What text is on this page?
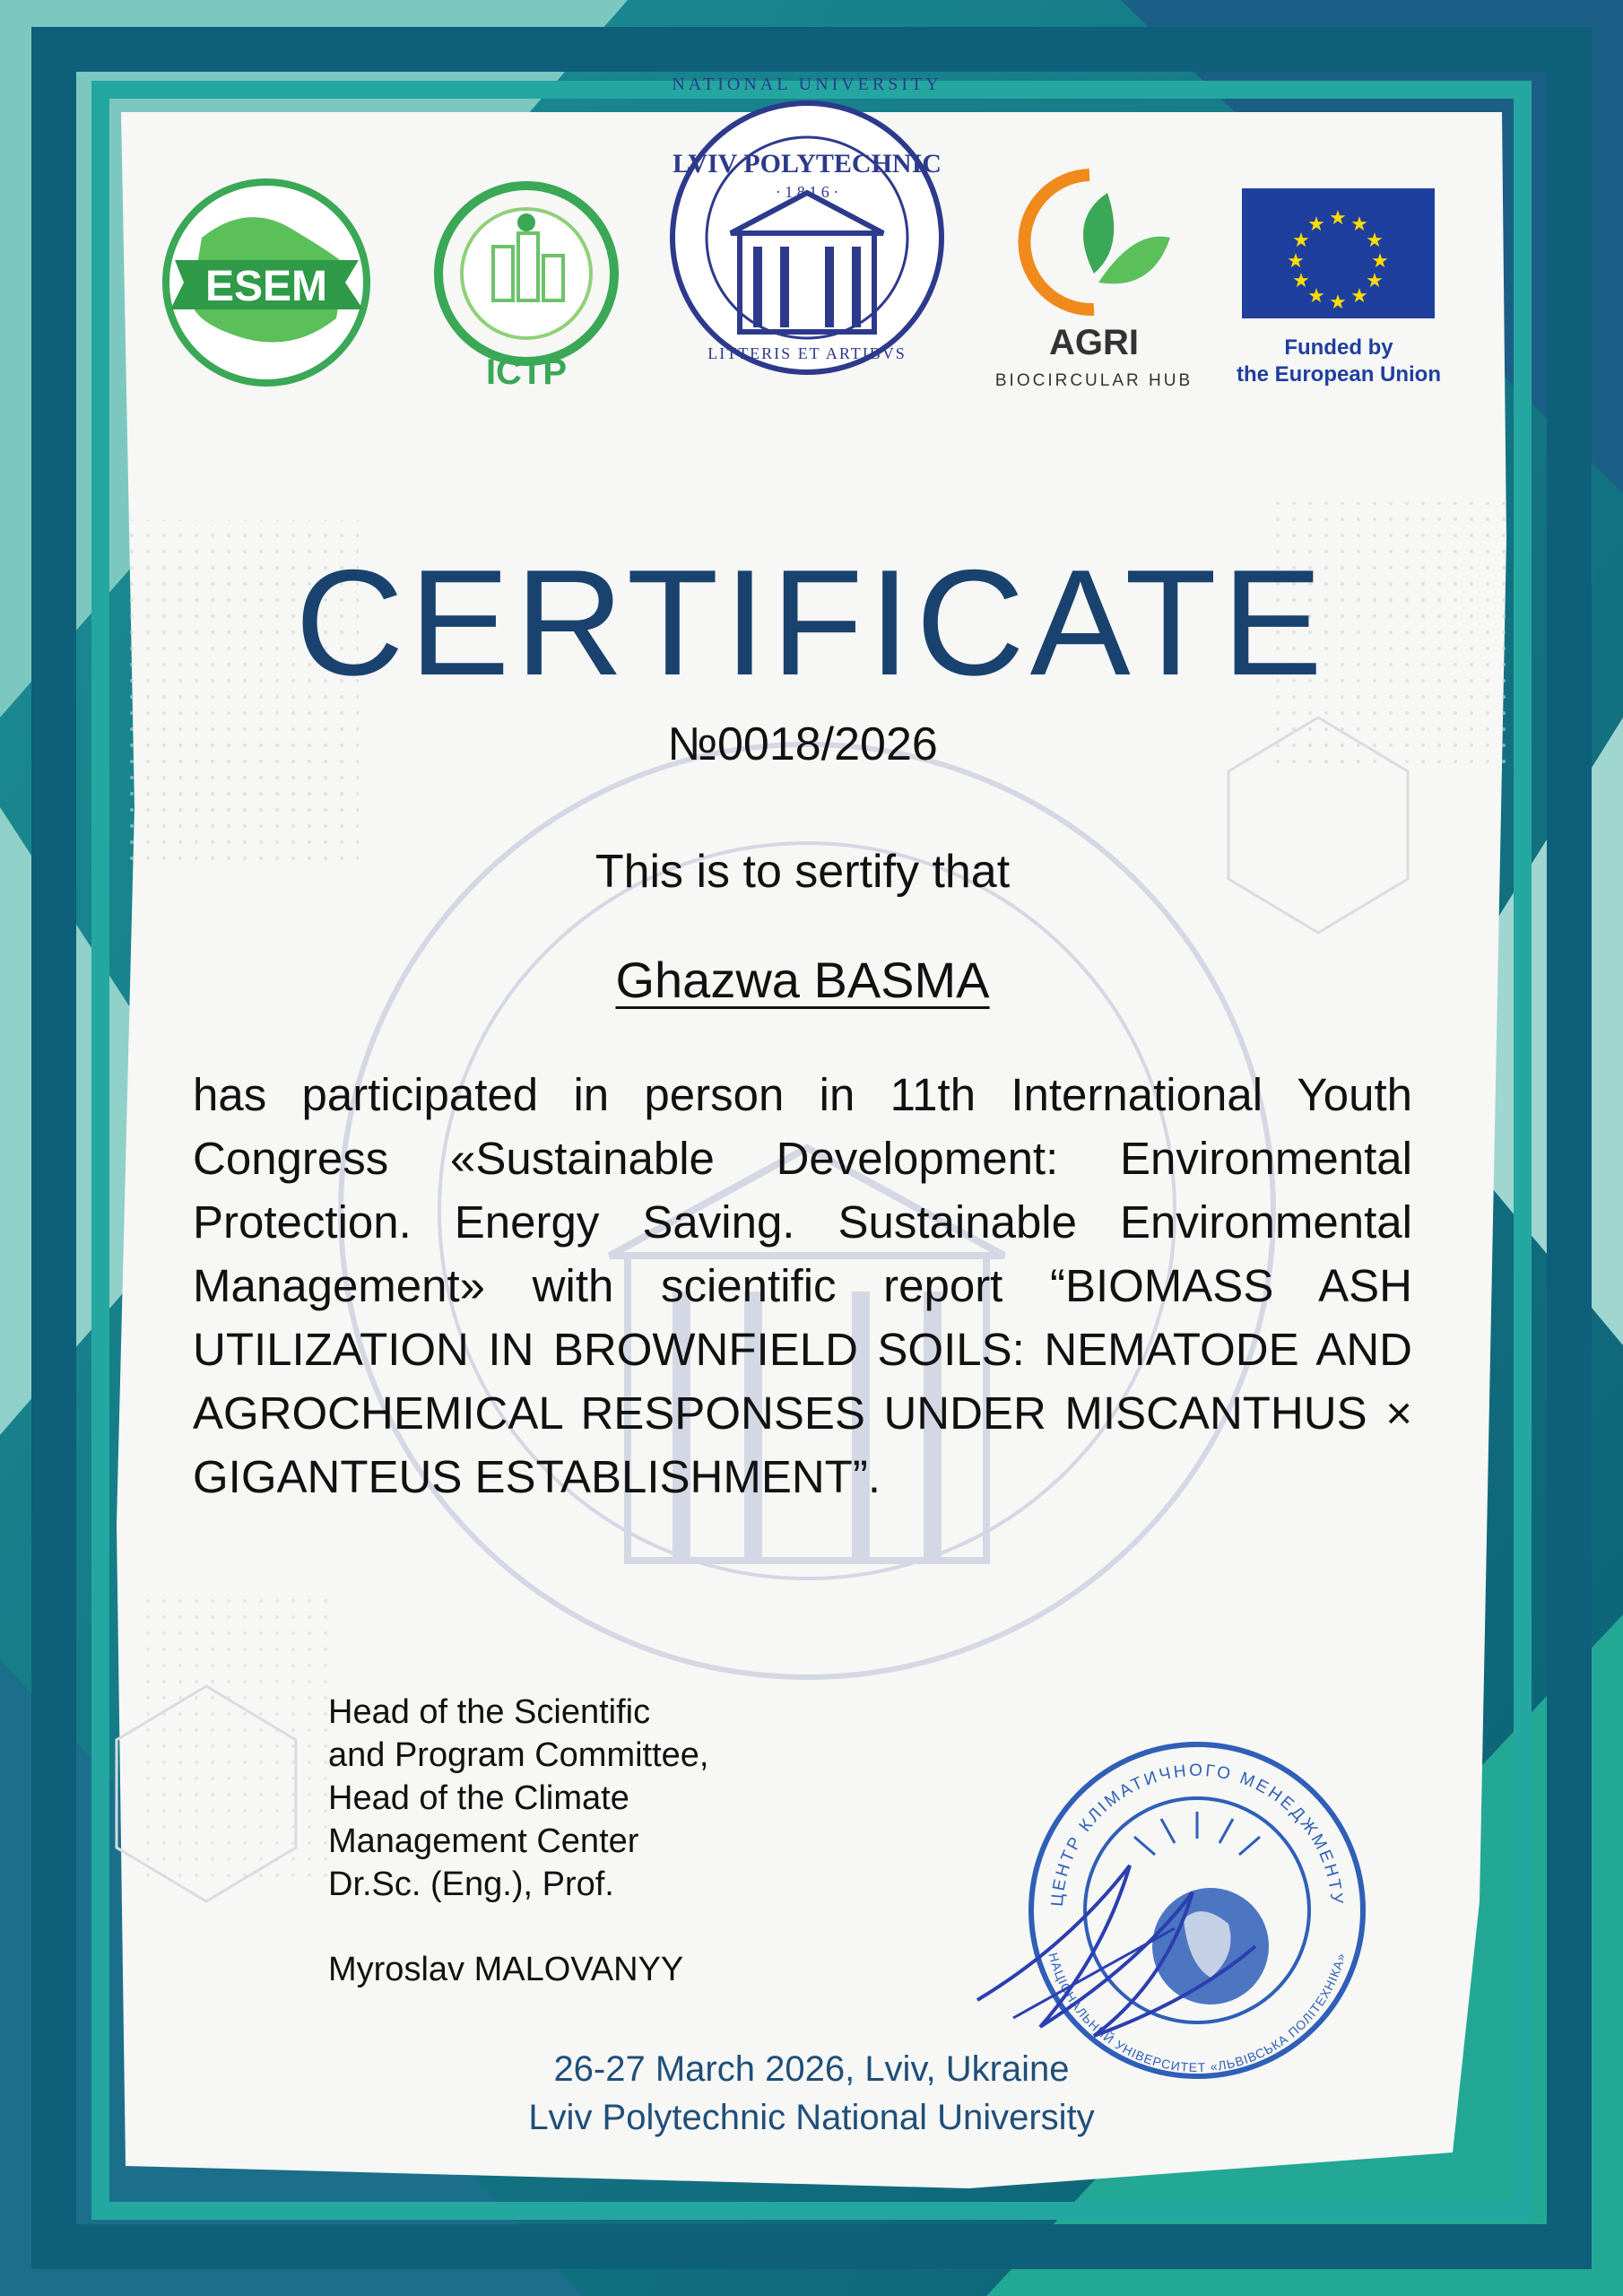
ESEM
ІСТР
LVIV POLYTECHNIC
· 1 8 1 6 ·
NATIONAL UNIVERSITY
LITTERIS ET ARTIBVS	AGRI
BIOCIRCULAR HUB
★ ★
★
★
★
★
★
★
★
★
★
★
Funded by
the European Union
CERTIFICATE
№0018/2026
This is to sertify that
Ghazwa BASMA
has participated in person in 11th International Youth Congress «Sustainable Development: Environmental Protection. Energy Saving. Sustainable Environmental Management» with scientific report “BIOMASS ASH UTILIZATION IN BROWNFIELD SOILS: NEMATODE AND AGROCHEMICAL RESPONSES UNDER MISCANTHUS × GIGANTEUS ESTABLISHMENT”.
Head of the Scientific
and Program Committee,
Head of the Climate
Management Center
Dr.Sc. (Eng.), Prof.
Myroslav MALOVANYY
ЦЕНТР КЛІМАТИЧНОГО МЕНЕДЖМЕНТУ
НАЦІОНАЛЬНИЙ УНІВЕРСИТЕТ «ЛЬВІВСЬКА ПОЛІТЕХНІКА»
26-27 March 2026, Lviv, Ukraine
Lviv Polytechnic National University
